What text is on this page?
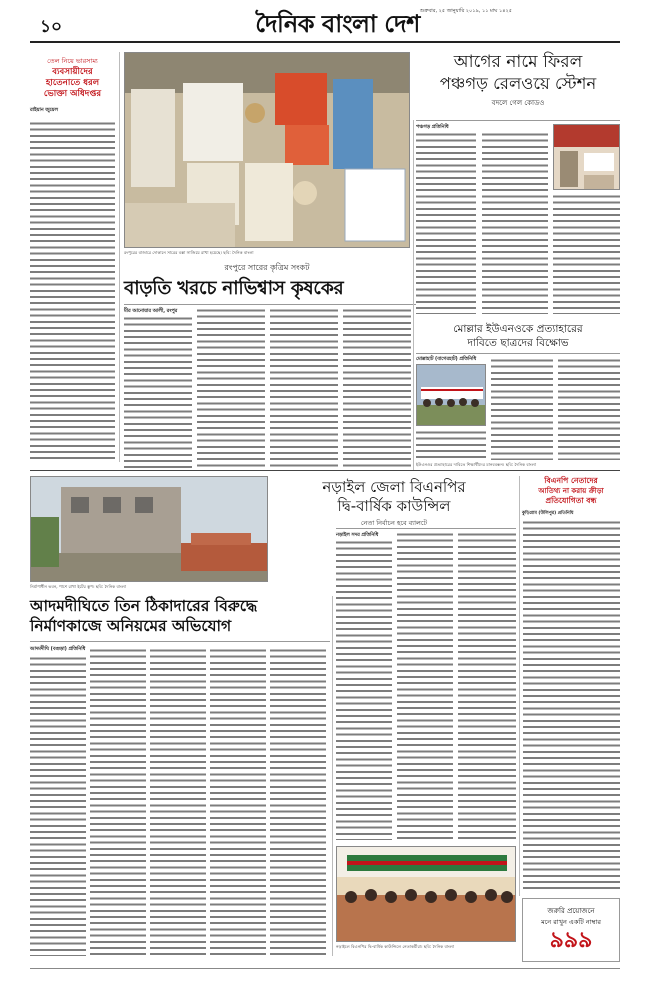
১০
শুক্রবার, ২৫ জানুয়ারি ২০১৯, ১১ মাঘ ১৪২৫
দৈনিক বাংলা দেশ
তেল নিয়ে ভারসাম্য
ব্যবসায়ীদের
হাতেনাতে ধরল
ভোক্তা অধিদপ্তর
রাইয়ান জুয়েল
রংপুরের বাজারে দোকানে সারের বস্তা সাজিয়ে রাখা হয়েছে। ছবি: দৈনিক বাংলা
আগের নামে ফিরল
পঞ্চগড় রেলওয়ে স্টেশন
বদলে গেল কোডও
পঞ্চগড় প্রতিনিধি
রংপুরে সারের কৃত্রিম সংকট
বাড়তি খরচে নাভিশ্বাস কৃষকের
মীর আনোয়ার আলী, রংপুর
মোল্লার ইউএনওকে প্রত্যাহারের
দাবিতে ছাত্রদের বিক্ষোভ
মোল্লাহাট (বাগেরহাট) প্রতিনিধি
ইউএনওর প্রত্যাহারের দাবিতে শিক্ষার্থীদের মানববন্ধন। ছবি: দৈনিক বাংলা
নির্মাণাধীন ভবন, পাশে রাখা ইটের স্তূপ। ছবি: দৈনিক বাংলা
নড়াইল জেলা বিএনপির
দ্বি-বার্ষিক কাউন্সিল
নেতা নির্বাচন হবে ব্যালটে
বিএনপি নেতাদের
আতিথ্য না করায় ক্রীড়া
প্রতিযোগিতা বন্ধ
কুড়িগ্রাম (উলিপুর) প্রতিনিধি
আদমদীঘিতে তিন ঠিকাদারের বিরুদ্ধে
নির্মাণকাজে অনিয়মের অভিযোগ
আদমদীঘি (বগুড়া) প্রতিনিধি
নড়াইল সদর প্রতিনিধি
নড়াইলে বিএনপির দ্বি-বার্ষিক কাউন্সিলে নেতাকর্মীরা। ছবি: দৈনিক বাংলা
জরুরি প্রয়োজনে
মনে রাখুন একটি নাম্বার
৯৯৯
